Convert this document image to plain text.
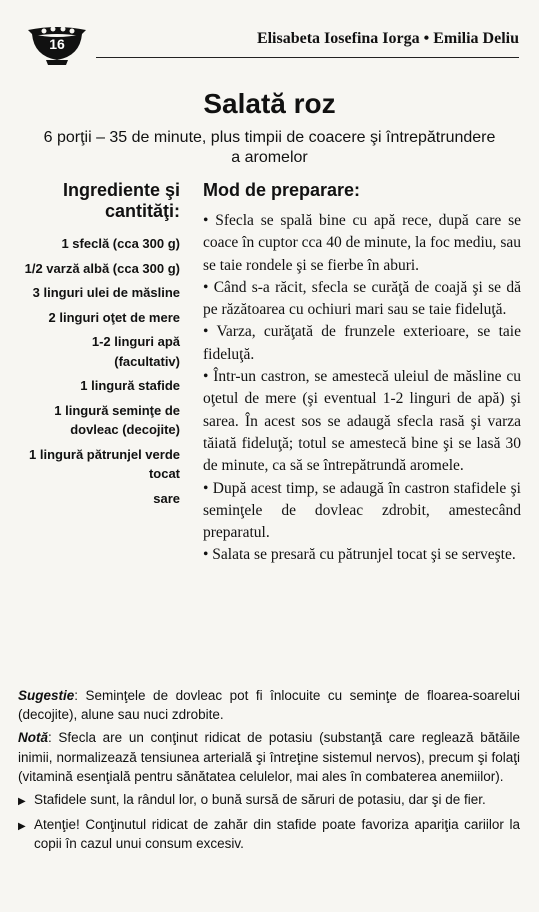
16	Elisabeta Iosefina Iorga • Emilia Deliu
Salată roz
6 porţii – 35 de minute, plus timpii de coacere şi întrepătrundere a aromelor
Ingrediente şi cantităţi:
1 sfeclă (cca 300 g)
1/2 varză albă (cca 300 g)
3 linguri ulei de măsline
2 linguri oţet de mere
1-2 linguri apă (facultativ)
1 lingură stafide
1 lingură seminţe de dovleac (decojite)
1 lingură pătrunjel verde tocat
sare
Mod de preparare:
• Sfecla se spală bine cu apă rece, după care se coace în cuptor cca 40 de minute, la foc mediu, sau se taie rondele şi se fierbe în aburi.
• Când s-a răcit, sfecla se curăţă de coajă şi se dă pe răzătoarea cu ochiuri mari sau se taie fideluţă.
• Varza, curăţată de frunzele exterioare, se taie fideluţă.
• Într-un castron, se amestecă uleiul de măsline cu oţetul de mere (şi eventual 1-2 linguri de apă) şi sarea. În acest sos se adaugă sfecla rasă şi varza tăiată fideluţă; totul se amestecă bine şi se lasă 30 de minute, ca să se întrepătrundă aromele.
• După acest timp, se adaugă în castron stafidele şi seminţele de dovleac zdrobit, amestecând preparatul.
• Salata se presară cu pătrunjel tocat şi se serveşte.
Sugestie: Seminţele de dovleac pot fi înlocuite cu seminţe de floarea-soarelui (decojite), alune sau nuci zdrobite.
Notă: Sfecla are un conţinut ridicat de potasiu (substanţă care reglează bătăile inimii, normalizează tensiunea arterială şi întreţine sistemul nervos), precum şi folaţi (vitamină esenţială pentru sănătatea celulelor, mai ales în combaterea anemiilor).
▶ Stafidele sunt, la rândul lor, o bună sursă de săruri de potasiu, dar şi de fier.
▶ Atenţie! Conţinutul ridicat de zahăr din stafide poate favoriza apariţia cariilor la copii în cazul unui consum excesiv.
